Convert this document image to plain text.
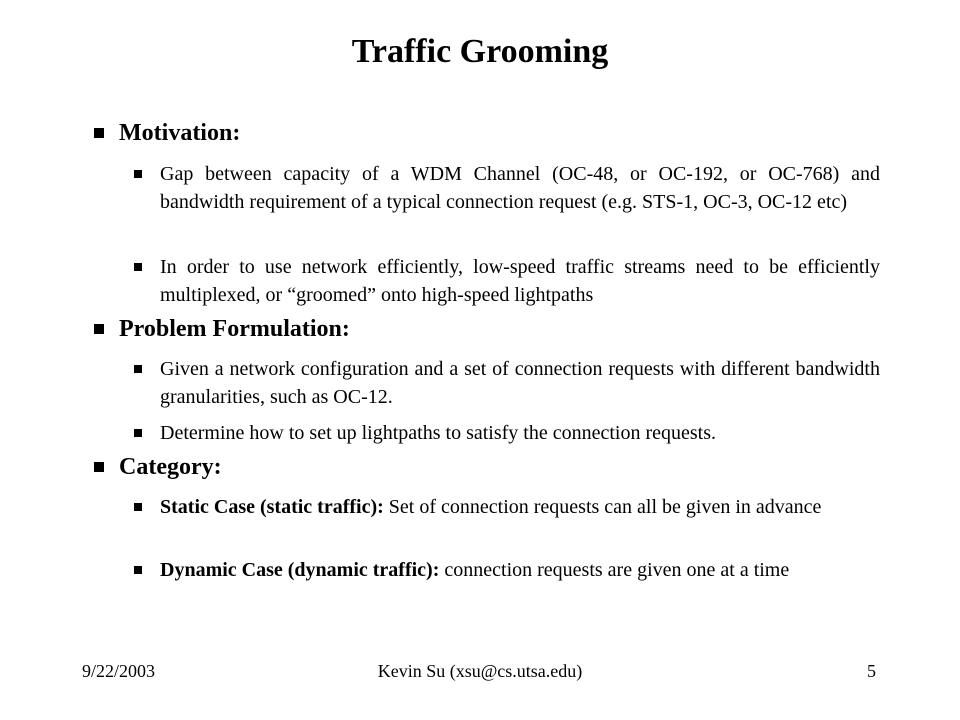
Traffic Grooming
Motivation:
Gap between capacity of a WDM Channel (OC-48, or OC-192, or OC-768) and bandwidth requirement of a typical connection request (e.g. STS-1, OC-3, OC-12 etc)
In order to use network efficiently, low-speed traffic streams need to be efficiently multiplexed, or “groomed” onto high-speed lightpaths
Problem Formulation:
Given a network configuration and a set of connection requests with different bandwidth granularities, such as OC-12.
Determine how to set up lightpaths to satisfy the connection requests.
Category:
Static Case (static traffic): Set of connection requests can all be given in advance
Dynamic Case (dynamic traffic): connection requests are given one at a time
9/22/2003	Kevin Su (xsu@cs.utsa.edu)	5
